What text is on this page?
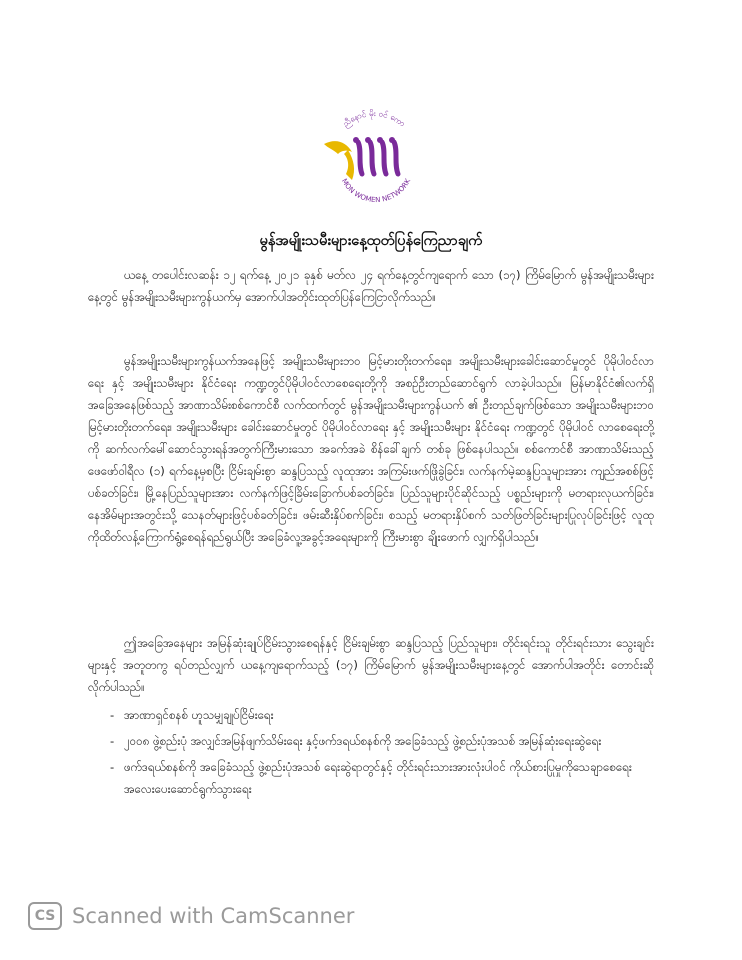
ညီနောင် မိုး ဝင် ကော
MON WOMEN NETWORK
မွန်အမျိုးသမီးများနေ့ထုတ်ပြန်ကြေညာချက်

ယနေ့ တပေါင်းလဆန်း ၁၂ ရက်နေ့ ၂၀၂၁ ခုနှစ် မတ်လ ၂၄ ရက်နေ့တွင်ကျရောက် သော (၁၇) ကြိမ်မြောက် မွန်အမျိုးသမီးများနေ့တွင် မွန်အမျိုးသမီးများကွန်ယက်မှ အောက်ပါအတိုင်းထုတ်ပြန်ကြေငြာလိုက်သည်။

မွန်အမျိုးသမီးများကွန်ယက်အနေဖြင့် အမျိုးသမီးများဘဝ မြင့်မားတိုးတက်ရေး၊ အမျိုးသမီးများခေါင်းဆောင်မှုတွင် ပိုမိုပါဝင်လာရေး နှင့် အမျိုးသမီးများ နိုင်ငံရေး ကဏ္ဍတွင်ပိုမိုပါဝင်လာစေရေးတို့ကို အစဉ်ဦးတည်ဆောင်ရွက် လာခဲ့ပါသည်။ မြန်မာနိုင်ငံ၏လက်ရှိအခြေအနေဖြစ်သည့် အာဏာသိမ်းစစ်ကောင်စီ လက်ထက်တွင် မွန်အမျိုးသမီးများကွန်ယက် ၏ ဦးတည်ချက်ဖြစ်သော အမျိုးသမီးများဘဝ မြင့်မားတိုးတက်ရေး၊ အမျိုးသမီးများ ခေါင်းဆောင်မှုတွင် ပိုမိုပါဝင်လာရေး နှင့် အမျိုးသမီးများ နိုင်ငံရေး ကဏ္ဍတွင် ပိုမိုပါဝင် လာစေရေးတို့ကို ဆက်လက်မေါ်ဆောင်သွားရန်အတွက်ကြီးမားသော အခက်အခဲ စိန်ခေါ်ချက် တစ်ခု ဖြစ်နေပါသည်။ စစ်ကောင်စီ အာဏာသိမ်းသည့် ဖေဖော်ဝါရီလ (၁) ရက်နေ့မှစပြီး ငြိမ်းချမ်းစွာ ဆန္ဒပြသည့် လူထုအား အကြမ်းဖက်ဖြိုခွဲခြင်း၊ လက်နက်မဲ့ဆန္ဒပြသူများအား ကျည်အစစ်ဖြင့်ပစ်ခတ်ခြင်း၊ မြို့နေပြည်သူများအား လက်နက်ဖြင့်ခြိမ်းခြောက်ပစ်ခတ်ခြင်း၊ ပြည်သူများပိုင်ဆိုင်သည့် ပစ္စည်းများကို မတရားလုယက်ခြင်း၊ နေအိမ်များအတွင်းသို့ သေနတ်များဖြင့်ပစ်ခတ်ခြင်း၊ ဖမ်းဆီးနှိပ်စက်ခြင်း၊ စသည့် မတရားနှိပ်စက် သတ်ဖြတ်ခြင်းများပြုလုပ်ခြင်းဖြင့် လူထုကိုထိတ်လန့်ကြောက်ရွံ့စေရန်ရည်ရွယ်ပြီး အခြေခံလူ့အခွင့်အရေးများကို ကြီးမားစွာ ချိုးဖောက် လျှက်ရှိပါသည်။

ဤအခြေအနေများ အမြန်ဆုံးချုပ်ငြိမ်းသွားစေရန်နှင့် ငြိမ်းချမ်းစွာ ဆန္ဒပြသည့် ပြည်သူများ၊ တိုင်းရင်းသူ တိုင်းရင်းသား သွေးချင်းများနှင့် အတူတကွ ရပ်တည်လျှက် ယနေ့ကျရောက်သည့် (၁၇) ကြိမ်မြောက် မွန်အမျိုးသမီးများနေ့တွင် အောက်ပါအတိုင်း တောင်းဆိုလိုက်ပါသည်။

- အာဏာရှင်စနစ် ဟူသမျှချုပ်ငြိမ်းရေး
- ၂၀၀၈ ဖွဲ့စည်းပုံ အလျှင်အမြန်ဖျက်သိမ်းရေး နှင့်ဖက်ဒရယ်စနစ်ကို အခြေခံသည့် ဖွဲ့စည်းပုံအသစ် အမြန်ဆုံးရေးဆွဲရေး
- ဖက်ဒရယ်စနစ်ကို အခြေခံသည့် ဖွဲ့စည်းပုံအသစ် ရေးဆွဲရာတွင်နှင့် တိုင်းရင်းသားအားလုံးပါဝင် ကိုယ်စားပြုမှုကိုသေချာစေရေး အလေးပေးဆောင်ရွက်သွားရေး
CS Scanned with CamScanner
